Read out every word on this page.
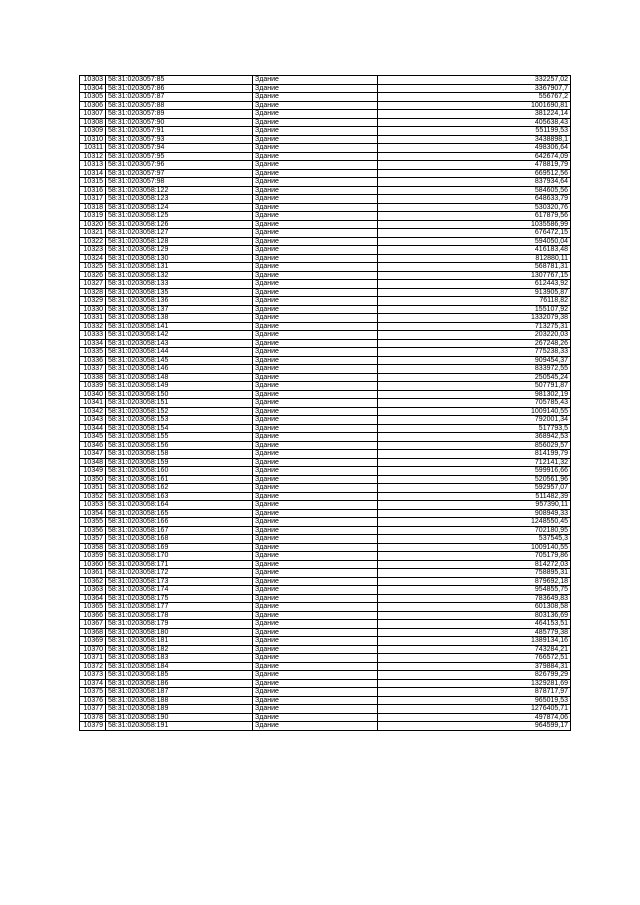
10303	58:31:0203057:85	Здание	332257,02
10304	58:31:0203057:86	Здание	3367907,7
10305	58:31:0203057:87	Здание	556767,2
10306	58:31:0203057:88	Здание	1001690,81
10307	58:31:0203057:89	Здание	381224,14
10308	58:31:0203057:90	Здание	405638,43
10309	58:31:0203057:91	Здание	551199,53
10310	58:31:0203057:93	Здание	3438898,1
10311	58:31:0203057:94	Здание	498306,64
10312	58:31:0203057:95	Здание	642674,09
10313	58:31:0203057:96	Здание	478819,79
10314	58:31:0203057:97	Здание	669512,56
10315	58:31:0203057:98	Здание	837934,64
10316	58:31:0203058:122	Здание	584605,56
10317	58:31:0203058:123	Здание	648633,79
10318	58:31:0203058:124	Здание	530320,76
10319	58:31:0203058:125	Здание	617879,56
10320	58:31:0203058:126	Здание	1035586,99
10321	58:31:0203058:127	Здание	676472,15
10322	58:31:0203058:128	Здание	594050,04
10323	58:31:0203058:129	Здание	416183,48
10324	58:31:0203058:130	Здание	812880,11
10325	58:31:0203058:131	Здание	568781,31
10326	58:31:0203058:132	Здание	1307767,15
10327	58:31:0203058:133	Здание	612443,92
10328	58:31:0203058:135	Здание	913905,87
10329	58:31:0203058:136	Здание	76118,82
10330	58:31:0203058:137	Здание	155107,92
10331	58:31:0203058:138	Здание	1332079,38
10332	58:31:0203058:141	Здание	713275,31
10333	58:31:0203058:142	Здание	203220,03
10334	58:31:0203058:143	Здание	267248,26
10335	58:31:0203058:144	Здание	775238,33
10336	58:31:0203058:145	Здание	909454,37
10337	58:31:0203058:146	Здание	833972,55
10338	58:31:0203058:148	Здание	250545,24
10339	58:31:0203058:149	Здание	507791,87
10340	58:31:0203058:150	Здание	981302,19
10341	58:31:0203058:151	Здание	705785,43
10342	58:31:0203058:152	Здание	1009140,55
10343	58:31:0203058:153	Здание	792001,34
10344	58:31:0203058:154	Здание	517793,5
10345	58:31:0203058:155	Здание	368942,53
10346	58:31:0203058:156	Здание	856029,57
10347	58:31:0203058:158	Здание	814199,79
10348	58:31:0203058:159	Здание	712141,32
10349	58:31:0203058:160	Здание	599916,66
10350	58:31:0203058:161	Здание	520561,96
10351	58:31:0203058:162	Здание	592957,07
10352	58:31:0203058:163	Здание	511482,39
10353	58:31:0203058:164	Здание	957390,11
10354	58:31:0203058:165	Здание	908949,33
10355	58:31:0203058:166	Здание	1248550,45
10356	58:31:0203058:167	Здание	702180,95
10357	58:31:0203058:168	Здание	537545,3
10358	58:31:0203058:169	Здание	1009140,55
10359	58:31:0203058:170	Здание	705179,86
10360	58:31:0203058:171	Здание	814272,03
10361	58:31:0203058:172	Здание	758895,31
10362	58:31:0203058:173	Здание	879692,18
10363	58:31:0203058:174	Здание	954855,75
10364	58:31:0203058:175	Здание	783649,83
10365	58:31:0203058:177	Здание	601308,58
10366	58:31:0203058:178	Здание	803136,69
10367	58:31:0203058:179	Здание	464153,51
10368	58:31:0203058:180	Здание	485779,38
10369	58:31:0203058:181	Здание	1389134,16
10370	58:31:0203058:182	Здание	743284,21
10371	58:31:0203058:183	Здание	766572,51
10372	58:31:0203058:184	Здание	379884,31
10373	58:31:0203058:185	Здание	826799,29
10374	58:31:0203058:186	Здание	1329281,69
10375	58:31:0203058:187	Здание	878717,97
10376	58:31:0203058:188	Здание	965019,53
10377	58:31:0203058:189	Здание	1276405,71
10378	58:31:0203058:190	Здание	497874,06
10379	58:31:0203058:191	Здание	964599,17
